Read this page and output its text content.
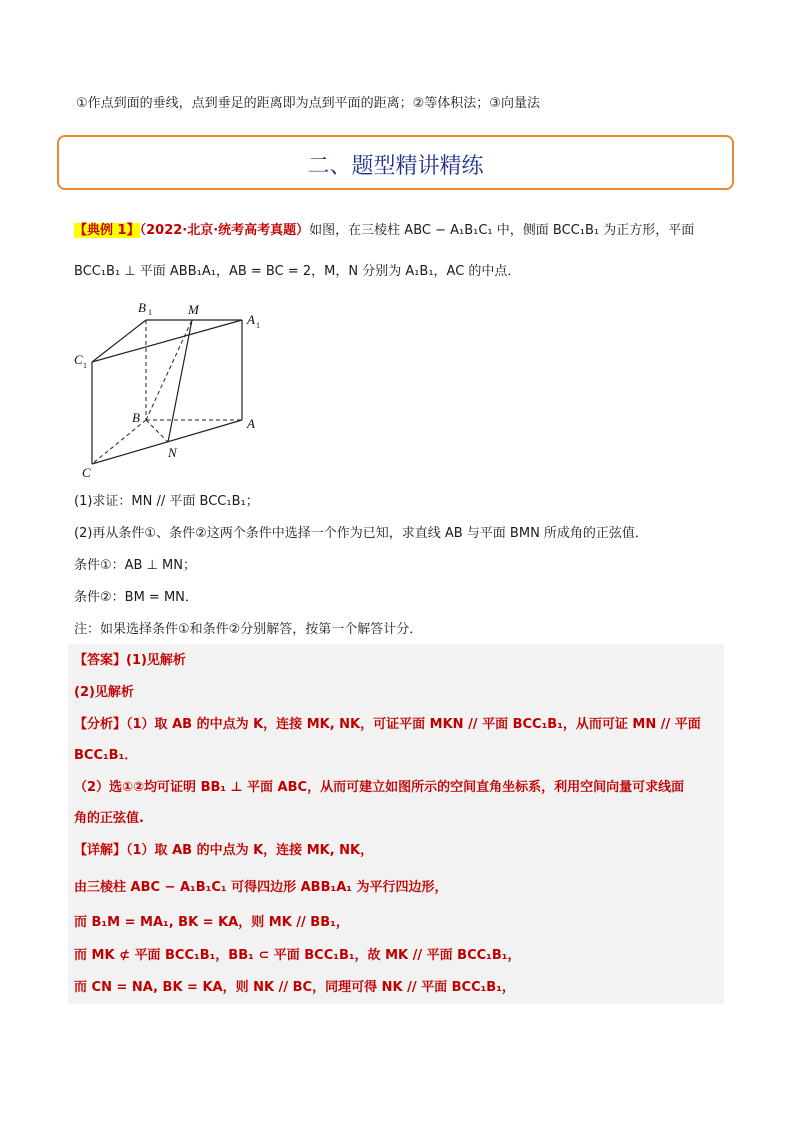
①作点到面的垂线，点到垂足的距离即为点到平面的距离；②等体积法；③向量法
二、题型精讲精练
【典例 1】（2022·北京·统考高考真题）如图，在三棱柱 ABC − A₁B₁C₁ 中，侧面 BCC₁B₁ 为正方形，平面
BCC₁B₁ ⊥ 平面 ABB₁A₁，AB = BC = 2，M，N 分别为 A₁B₁，AC 的中点．
B 1	M
A 1
C 1
B	A
N
C
(1)求证：MN // 平面 BCC₁B₁；
(2)再从条件①、条件②这两个条件中选择一个作为已知，求直线 AB 与平面 BMN 所成角的正弦值．
条件①：AB ⊥ MN；
条件②：BM = MN．
注：如果选择条件①和条件②分别解答，按第一个解答计分．
【答案】(1)见解析
(2)见解析
【分析】（1）取 AB 的中点为 K，连接 MK, NK，可证平面 MKN // 平面 BCC₁B₁，从而可证 MN // 平面
BCC₁B₁．
（2）选①②均可证明 BB₁ ⊥ 平面 ABC，从而可建立如图所示的空间直角坐标系，利用空间向量可求线面
角的正弦值.
【详解】（1）取 AB 的中点为 K，连接 MK, NK，
由三棱柱 ABC − A₁B₁C₁ 可得四边形 ABB₁A₁ 为平行四边形，
而 B₁M = MA₁, BK = KA，则 MK // BB₁，
而 MK ⊄ 平面 BCC₁B₁，BB₁ ⊂ 平面 BCC₁B₁，故 MK // 平面 BCC₁B₁，
而 CN = NA, BK = KA，则 NK // BC，同理可得 NK // 平面 BCC₁B₁，
